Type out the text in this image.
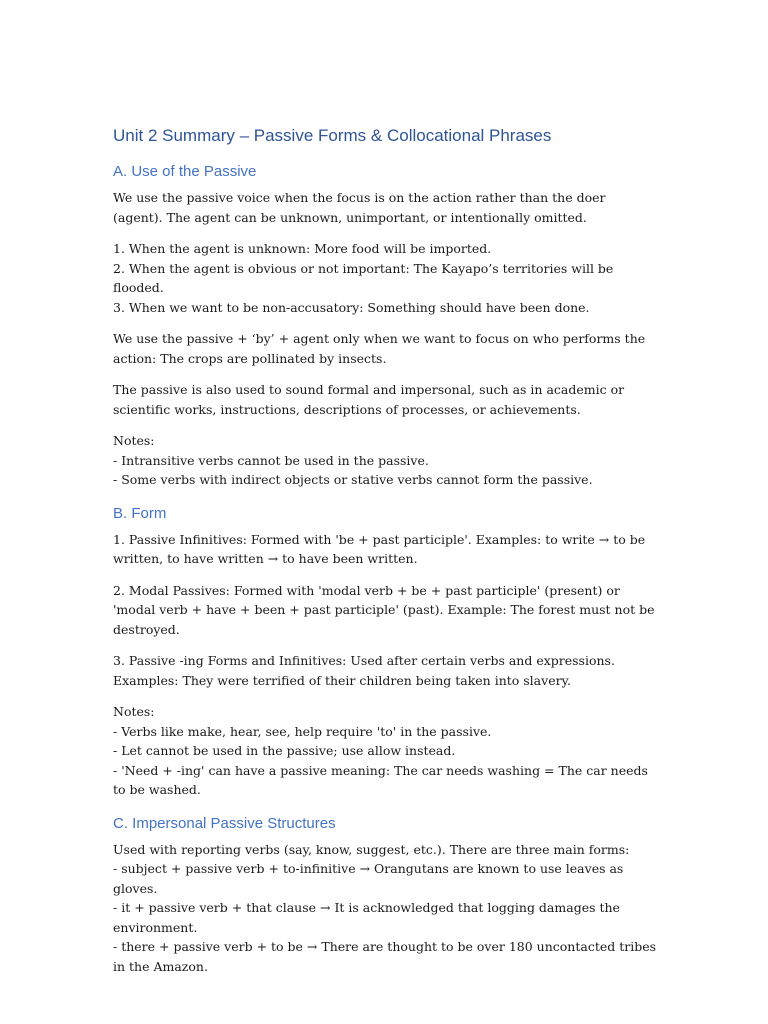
Unit 2 Summary – Passive Forms & Collocational Phrases
A. Use of the Passive

We use the passive voice when the focus is on the action rather than the doer (agent). The agent can be unknown, unimportant, or intentionally omitted.

1. When the agent is unknown: More food will be imported.
2. When the agent is obvious or not important: The Kayapo’s territories will be flooded.
3. When we want to be non-accusatory: Something should have been done.

We use the passive + ‘by’ + agent only when we want to focus on who performs the action: The crops are pollinated by insects.

The passive is also used to sound formal and impersonal, such as in academic or scientific works, instructions, descriptions of processes, or achievements.

Notes:
- Intransitive verbs cannot be used in the passive.
- Some verbs with indirect objects or stative verbs cannot form the passive.

B. Form

1. Passive Infinitives: Formed with 'be + past participle'. Examples: to write → to be written, to have written → to have been written.

2. Modal Passives: Formed with 'modal verb + be + past participle' (present) or 'modal verb + have + been + past participle' (past). Example: The forest must not be destroyed.

3. Passive -ing Forms and Infinitives: Used after certain verbs and expressions. Examples: They were terrified of their children being taken into slavery.

Notes:
- Verbs like make, hear, see, help require 'to' in the passive.
- Let cannot be used in the passive; use allow instead.
- 'Need + -ing' can have a passive meaning: The car needs washing = The car needs to be washed.

C. Impersonal Passive Structures

Used with reporting verbs (say, know, suggest, etc.). There are three main forms:
- subject + passive verb + to-infinitive → Orangutans are known to use leaves as gloves.
- it + passive verb + that clause → It is acknowledged that logging damages the environment.
- there + passive verb + to be → There are thought to be over 180 uncontacted tribes in the Amazon.
